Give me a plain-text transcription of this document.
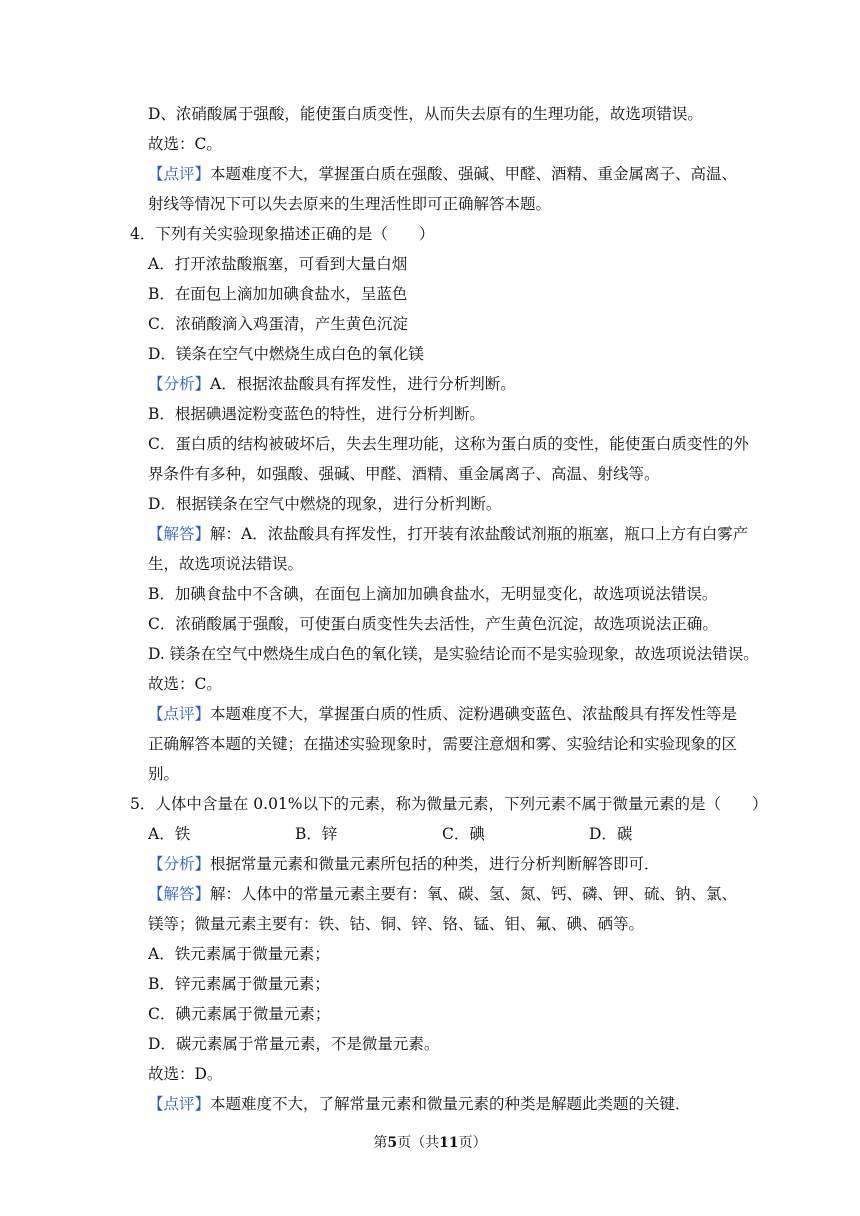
D、浓硝酸属于强酸，能使蛋白质变性，从而失去原有的生理功能，故选项错误。
故选：C。
【点评】本题难度不大，掌握蛋白质在强酸、强碱、甲醛、酒精、重金属离子、高温、
射线等情况下可以失去原来的生理活性即可正确解答本题。
4．下列有关实验现象描述正确的是（　　）
A．打开浓盐酸瓶塞，可看到大量白烟
B．在面包上滴加加碘食盐水，呈蓝色
C．浓硝酸滴入鸡蛋清，产生黄色沉淀
D．镁条在空气中燃烧生成白色的氧化镁
【分析】A．根据浓盐酸具有挥发性，进行分析判断。
B．根据碘遇淀粉变蓝色的特性，进行分析判断。
C．蛋白质的结构被破坏后，失去生理功能，这称为蛋白质的变性，能使蛋白质变性的外
界条件有多种，如强酸、强碱、甲醛、酒精、重金属离子、高温、射线等。
D．根据镁条在空气中燃烧的现象，进行分析判断。
【解答】解：A．浓盐酸具有挥发性，打开装有浓盐酸试剂瓶的瓶塞，瓶口上方有白雾产
生，故选项说法错误。
B．加碘食盐中不含碘，在面包上滴加加碘食盐水，无明显变化，故选项说法错误。
C．浓硝酸属于强酸，可使蛋白质变性失去活性，产生黄色沉淀，故选项说法正确。
D. 镁条在空气中燃烧生成白色的氧化镁，是实验结论而不是实验现象，故选项说法错误。
故选：C。
【点评】本题难度不大，掌握蛋白质的性质、淀粉遇碘变蓝色、浓盐酸具有挥发性等是
正确解答本题的关键；在描述实验现象时，需要注意烟和雾、实验结论和实验现象的区
别。
5．人体中含量在 0.01%以下的元素，称为微量元素，下列元素不属于微量元素的是（　　）
A．铁	B．锌	C．碘	D．碳
【分析】根据常量元素和微量元素所包括的种类，进行分析判断解答即可．
【解答】解：人体中的常量元素主要有：氧、碳、氢、氮、钙、磷、钾、硫、钠、氯、
镁等；微量元素主要有：铁、钴、铜、锌、铬、锰、钼、氟、碘、硒等。
A．铁元素属于微量元素；
B．锌元素属于微量元素；
C．碘元素属于微量元素；
D．碳元素属于常量元素，不是微量元素。
故选：D。
【点评】本题难度不大，了解常量元素和微量元素的种类是解题此类题的关键．
第5页（共11页）
